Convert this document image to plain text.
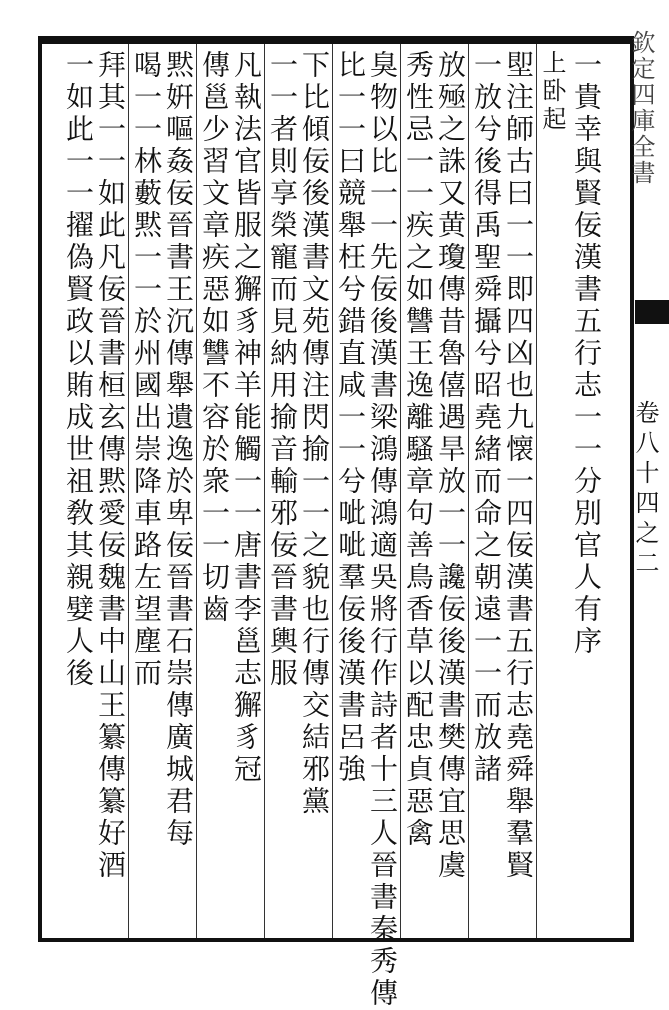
欽定四庫全書
卷八十四之二
一貴幸與賢佞漢書五行志一一分別官人有序
上卧起
堲注師古曰一一即四凶也九懐一四佞漢書五行志堯舜舉羣賢
一放兮後得禹聖舜攝兮昭堯緒而命之朝遠一一而放諸
放殛之誅又黄瓊傳昔魯僖遇旱放一一讒佞後漢書樊傳宜思虞
秀性忌一一疾之如讐王逸離騷章句善鳥香草以配忠貞惡禽
臭物以比一一先佞後漢書梁鴻傳鴻適吳將行作詩者十三人晉書秦秀傳
比一一曰競舉枉兮錯直咸一一兮呲呲羣佞後漢書呂強
下比傾佞後漢書文苑傳注閃揄一一之貌也行傳交結邪黨
一一者則享榮寵而見納用揄音輸邪佞晉書輿服
凡執法官皆服之獬豸神羊能觸一一唐書李邕志獬豸冠
傳邕少習文章疾惡如讐不容於衆一一切齒
黙姸嘔姦佞晉書王沉傳舉遺逸於卑佞晉書石崇傳廣城君每
喝一一林藪黙一一於州國出崇降車路左望塵而
拜其一一如此凡佞晉書桓玄傳黙愛佞魏書中山王纂傳纂好酒
一如此一一擢偽賢政以賄成世祖敎其親嬖人後
